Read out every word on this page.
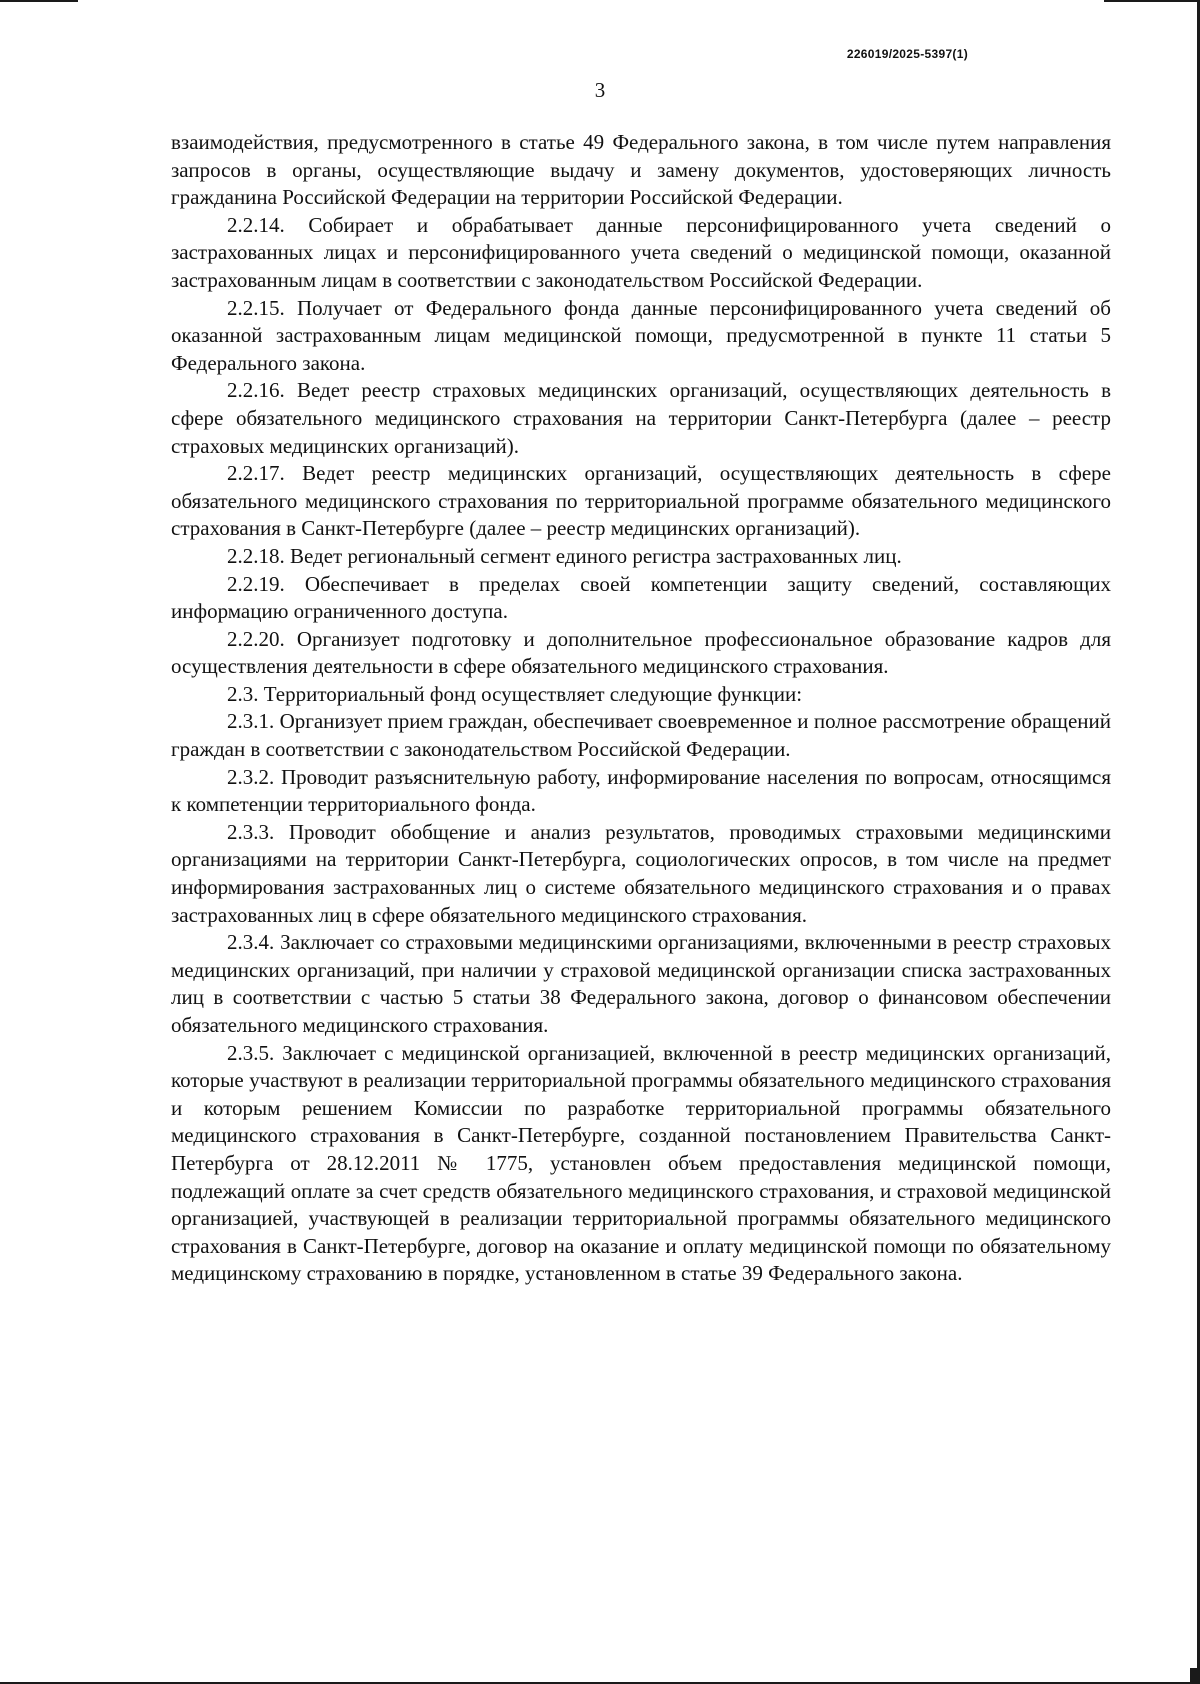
226019/2025-5397(1)
3

взаимодействия, предусмотренного в статье 49 Федерального закона, в том числе путем направления запросов в органы, осуществляющие выдачу и замену документов, удостоверяющих личность гражданина Российской Федерации на территории Российской Федерации.

2.2.14. Собирает и обрабатывает данные персонифицированного учета сведений о застрахованных лицах и персонифицированного учета сведений о медицинской помощи, оказанной застрахованным лицам в соответствии с законодательством Российской Федерации.

2.2.15. Получает от Федерального фонда данные персонифицированного учета сведений об оказанной застрахованным лицам медицинской помощи, предусмотренной в пункте 11 статьи 5 Федерального закона.

2.2.16. Ведет реестр страховых медицинских организаций, осуществляющих деятельность в сфере обязательного медицинского страхования на территории Санкт-Петербурга (далее – реестр страховых медицинских организаций).

2.2.17. Ведет реестр медицинских организаций, осуществляющих деятельность в сфере обязательного медицинского страхования по территориальной программе обязательного медицинского страхования в Санкт-Петербурге (далее – реестр медицинских организаций).

2.2.18. Ведет региональный сегмент единого регистра застрахованных лиц.

2.2.19. Обеспечивает в пределах своей компетенции защиту сведений, составляющих информацию ограниченного доступа.

2.2.20. Организует подготовку и дополнительное профессиональное образование кадров для осуществления деятельности в сфере обязательного медицинского страхования.

2.3. Территориальный фонд осуществляет следующие функции:

2.3.1. Организует прием граждан, обеспечивает своевременное и полное рассмотрение обращений граждан в соответствии с законодательством Российской Федерации.

2.3.2. Проводит разъяснительную работу, информирование населения по вопросам, относящимся к компетенции территориального фонда.

2.3.3. Проводит обобщение и анализ результатов, проводимых страховыми медицинскими организациями на территории Санкт-Петербурга, социологических опросов, в том числе на предмет информирования застрахованных лиц о системе обязательного медицинского страхования и о правах застрахованных лиц в сфере обязательного медицинского страхования.

2.3.4. Заключает со страховыми медицинскими организациями, включенными в реестр страховых медицинских организаций, при наличии у страховой медицинской организации списка застрахованных лиц в соответствии с частью 5 статьи 38 Федерального закона, договор о финансовом обеспечении обязательного медицинского страхования.

2.3.5. Заключает с медицинской организацией, включенной в реестр медицинских организаций, которые участвуют в реализации территориальной программы обязательного медицинского страхования и которым решением Комиссии по разработке территориальной программы обязательного медицинского страхования в Санкт-Петербурге, созданной постановлением Правительства Санкт-Петербурга от 28.12.2011 № 1775, установлен объем предоставления медицинской помощи, подлежащий оплате за счет средств обязательного медицинского страхования, и страховой медицинской организацией, участвующей в реализации территориальной программы обязательного медицинского страхования в Санкт-Петербурге, договор на оказание и оплату медицинской помощи по обязательному медицинскому страхованию в порядке, установленном в статье 39 Федерального закона.
